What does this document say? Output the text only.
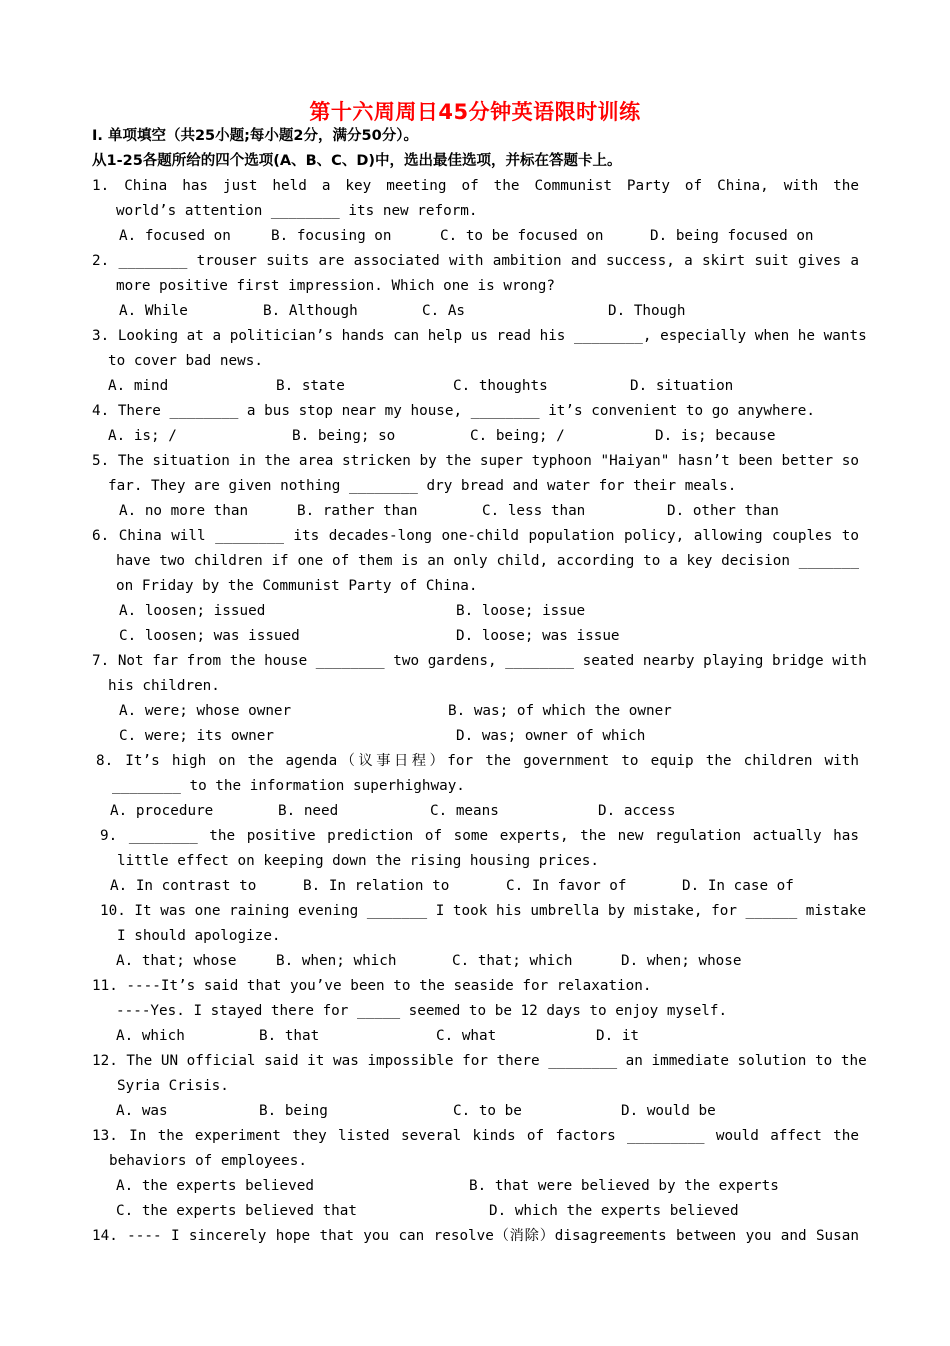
第十六周周日45分钟英语限时训练
I. 单项填空（共25小题;每小题2分，满分50分）。
从1-25各题所给的四个选项(A、B、C、D)中，选出最佳选项，并标在答题卡上。
1. China has just held a key meeting of the Communist Party of China, with the
world’s attention ________ its new reform.
A. focused on	B. focusing on	C. to be focused on	D. being focused on
2. ________ trouser suits are associated with ambition and success, a skirt suit gives a
more positive first impression. Which one is wrong?
A. While	B. Although	C. As	D. Though
3. Looking at a politician’s hands can help us read his ________, especially when he wants
to cover bad news.
A. mind	B. state	C. thoughts	D. situation
4. There ________ a bus stop near my house, ________ it’s convenient to go anywhere.
A. is; /	B. being; so	C. being; /	D. is; because
5. The situation in the area stricken by the super typhoon "Haiyan" hasn’t been better so
far. They are given nothing ________ dry bread and water for their meals.
A. no more than	B. rather than	C. less than	D. other than
6. China will ________ its decades-long one-child population policy, allowing couples to
have two children if one of them is an only child, according to a key decision _______
on Friday by the Communist Party of China.
A. loosen; issued	B. loose; issue
C. loosen; was issued	D. loose; was issue
7. Not far from the house ________ two gardens, ________ seated nearby playing bridge with
his children.
A. were; whose owner	B. was; of which the owner
C. were; its owner	D. was; owner of which
8. It’s high on the agenda（议事日程）for the government to equip the children with
________ to the information superhighway.
A. procedure	B. need	C. means	D. access
9. ________ the positive prediction of some experts, the new regulation actually has
little effect on keeping down the rising housing prices.
A. In contrast to	B. In relation to	C. In favor of	D. In case of
10. It was one raining evening _______ I took his umbrella by mistake, for ______ mistake
I should apologize.
A. that; whose	B. when; which	C. that; which	D. when; whose
11. ----It’s said that you’ve been to the seaside for relaxation.
----Yes. I stayed there for _____ seemed to be 12 days to enjoy myself.
A. which	B. that	C. what	D. it
12. The UN official said it was impossible for there ________ an immediate solution to the
Syria Crisis.
A. was	B. being	C. to be	D. would be
13. In the experiment they listed several kinds of factors _________ would affect the
behaviors of employees.
A. the experts believed	B. that were believed by the experts
C. the experts believed that	D. which the experts believed
14. ---- I sincerely hope that you can resolve（消除）disagreements between you and Susan
